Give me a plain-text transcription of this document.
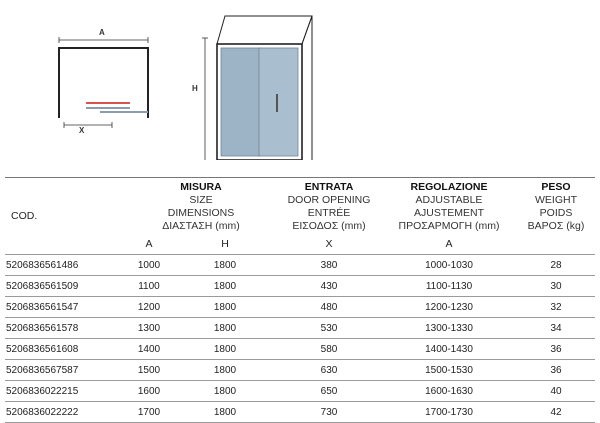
A
X
H
COD.	MISURA
SIZE
DIMENSIONS
ΔΙΑΣΤΑΣΗ (mm)		ENTRATA
DOOR OPENING
ENTRÉE
ΕΙΣΟΔΟΣ (mm)	REGOLAZIONE
ADJUSTABLE
AJUSTEMENT
ΠΡΟΣΑΡΜΟΓΗ (mm)	PESO
WEIGHT
POIDS
ΒΑΡΟΣ (kg)

	A	H	X	A	
5206836561486	1000	1800	380	1000-1030	28
5206836561509	1100	1800	430	1100-1130	30
5206836561547	1200	1800	480	1200-1230	32
5206836561578	1300	1800	530	1300-1330	34
5206836561608	1400	1800	580	1400-1430	36
5206836567587	1500	1800	630	1500-1530	36
5206836022215	1600	1800	650	1600-1630	40
5206836022222	1700	1800	730	1700-1730	42
